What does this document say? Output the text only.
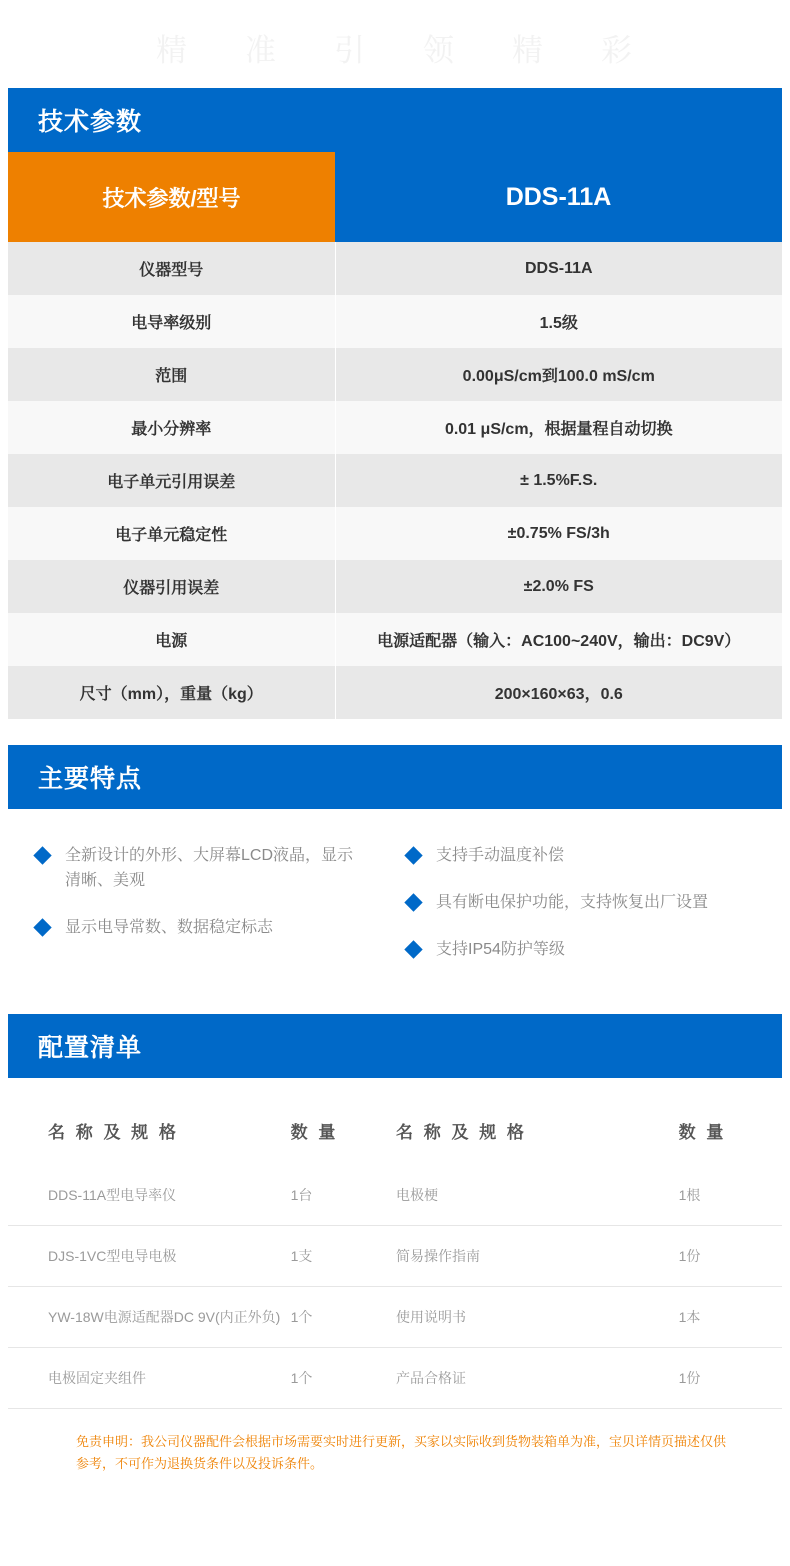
精 准 引 领 精 彩
技术参数
技术参数/型号	DDS-11A
仪器型号	DDS-11A
电导率级别	1.5级
范围	0.00μS/cm到100.0 mS/cm
最小分辨率	0.01 μS/cm，根据量程自动切换
电子单元引用误差	± 1.5%F.S.
电子单元稳定性	±0.75% FS/3h
仪器引用误差	±2.0% FS
电源	电源适配器（输入：AC100~240V，输出：DC9V）
尺寸（mm），重量（kg）	200×160×63，0.6
主要特点
全新设计的外形、大屏幕LCD液晶，显示清晰、美观
显示电导常数、数据稳定标志
支持手动温度补偿
具有断电保护功能，支持恢复出厂设置
支持IP54防护等级
配置清单
名 称 及 规 格	数 量	名 称 及 规 格	数 量
DDS-11A型电导率仪	1台	电极梗	1根
DJS-1VC型电导电极	1支	简易操作指南	1份
YW-18W电源适配器DC 9V(内正外负)	1个	使用说明书	1本
电极固定夹组件	1个	产品合格证	1份
免责申明：我公司仪器配件会根据市场需要实时进行更新，买家以实际收到货物装箱单为准，宝贝详情页描述仅供参考，不可作为退换货条件以及投诉条件。
